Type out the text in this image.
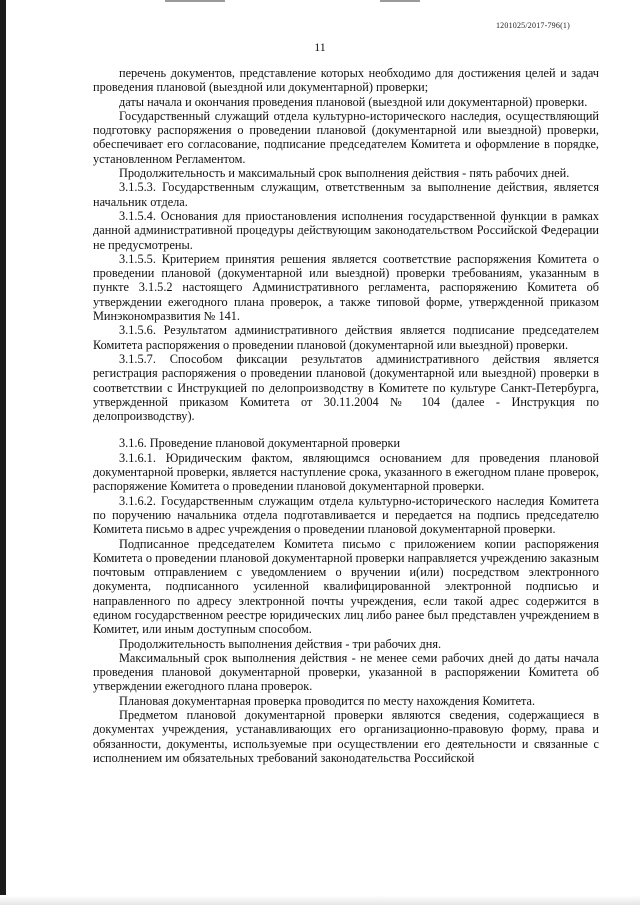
1201025/2017-796(1)
11

перечень документов, представление которых необходимо для достижения целей и задач проведения плановой (выездной или документарной) проверки;

даты начала и окончания проведения плановой (выездной или документарной) проверки.

Государственный служащий отдела культурно-исторического наследия, осуществляющий подготовку распоряжения о проведении плановой (документарной или выездной) проверки, обеспечивает его согласование, подписание председателем Комитета и оформление в порядке, установленном Регламентом.

Продолжительность и максимальный срок выполнения действия - пять рабочих дней.

3.1.5.3. Государственным служащим, ответственным за выполнение действия, является начальник отдела.

3.1.5.4. Основания для приостановления исполнения государственной функции в рамках данной административной процедуры действующим законодательством Российской Федерации не предусмотрены.

3.1.5.5. Критерием принятия решения является соответствие распоряжения Комитета о проведении плановой (документарной или выездной) проверки требованиям, указанным в пункте 3.1.5.2 настоящего Административного регламента, распоряжению Комитета об утверждении ежегодного плана проверок, а также типовой форме, утвержденной приказом Минэкономразвития № 141.

3.1.5.6. Результатом административного действия является подписание председателем Комитета распоряжения о проведении плановой (документарной или выездной) проверки.

3.1.5.7. Способом фиксации результатов административного действия является регистрация распоряжения о проведении плановой (документарной или выездной) проверки в соответствии с Инструкцией по делопроизводству в Комитете по культуре Санкт-Петербурга, утвержденной приказом Комитета от 30.11.2004 № 104 (далее - Инструкция по делопроизводству).

3.1.6. Проведение плановой документарной проверки

3.1.6.1. Юридическим фактом, являющимся основанием для проведения плановой документарной проверки, является наступление срока, указанного в ежегодном плане проверок, распоряжение Комитета о проведении плановой документарной проверки.

3.1.6.2. Государственным служащим отдела культурно-исторического наследия Комитета по поручению начальника отдела подготавливается и передается на подпись председателю Комитета письмо в адрес учреждения о проведении плановой документарной проверки.

Подписанное председателем Комитета письмо с приложением копии распоряжения Комитета о проведении плановой документарной проверки направляется учреждению заказным почтовым отправлением с уведомлением о вручении и(или) посредством электронного документа, подписанного усиленной квалифицированной электронной подписью и направленного по адресу электронной почты учреждения, если такой адрес содержится в едином государственном реестре юридических лиц либо ранее был представлен учреждением в Комитет, или иным доступным способом.

Продолжительность выполнения действия - три рабочих дня.

Максимальный срок выполнения действия - не менее семи рабочих дней до даты начала проведения плановой документарной проверки, указанной в распоряжении Комитета об утверждении ежегодного плана проверок.

Плановая документарная проверка проводится по месту нахождения Комитета.

Предметом плановой документарной проверки являются сведения, содержащиеся в документах учреждения, устанавливающих его организационно-правовую форму, права и обязанности, документы, используемые при осуществлении его деятельности и связанные с исполнением им обязательных требований законодательства Российской
